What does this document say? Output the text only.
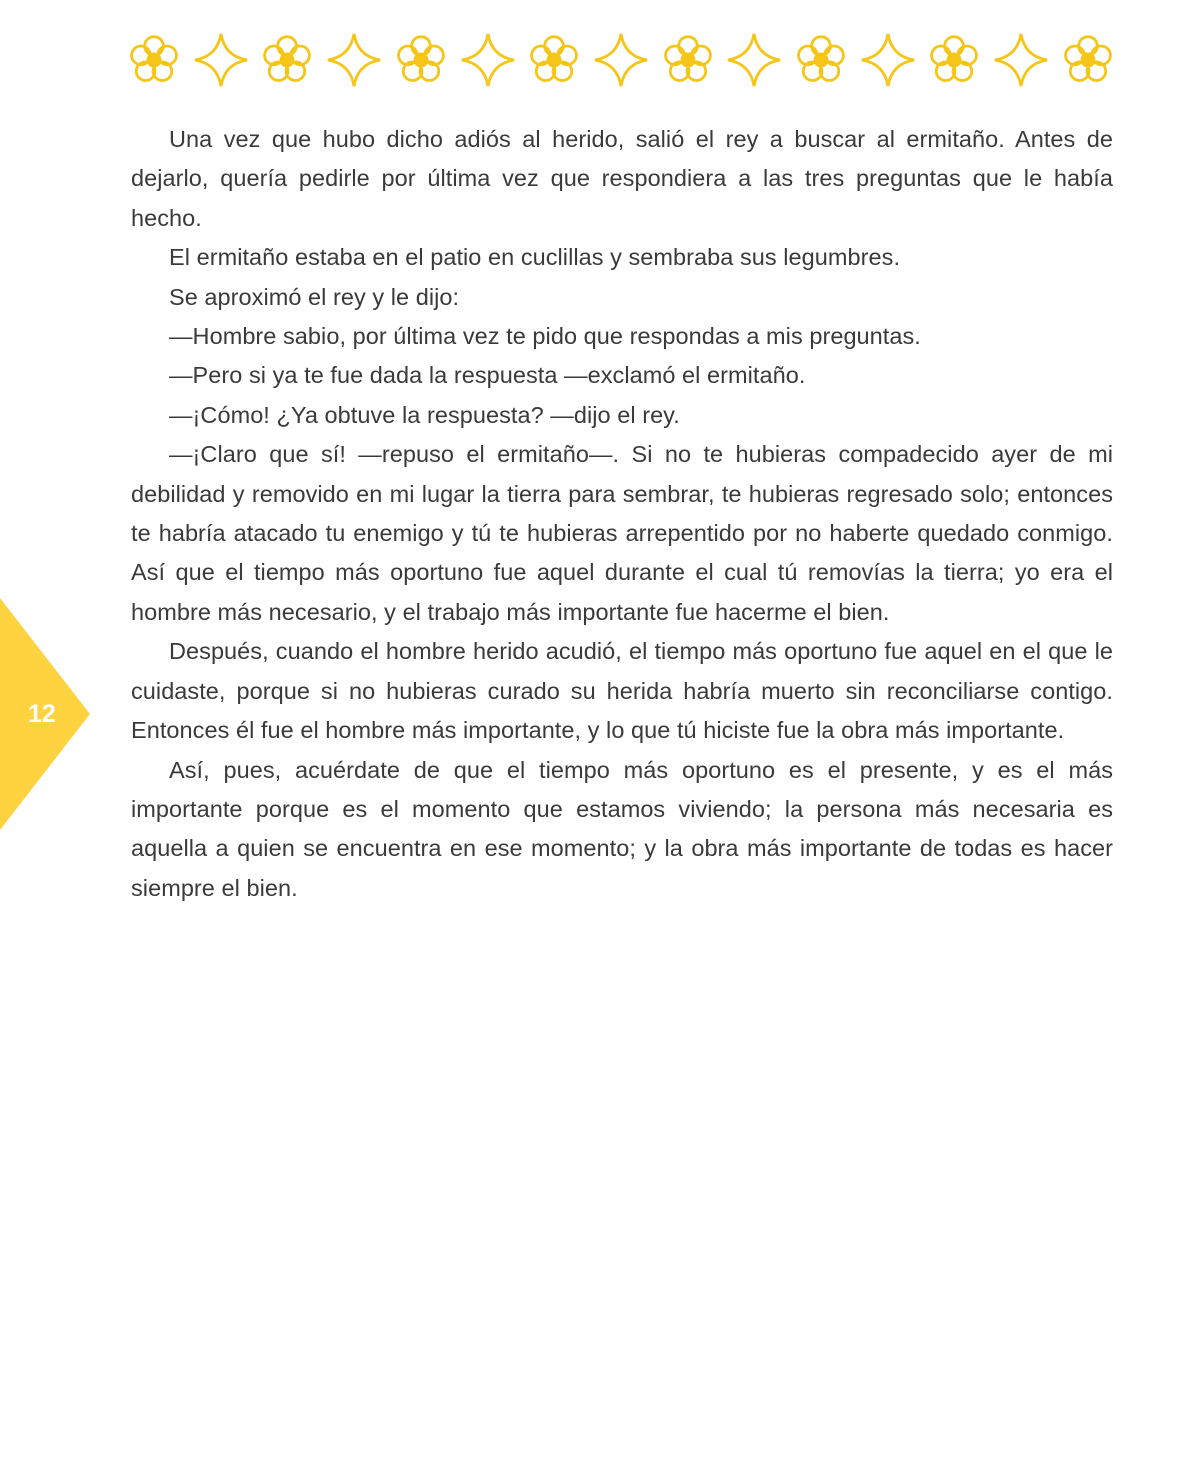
12

Una vez que hubo dicho adiós al herido, salió el rey a buscar al ermitaño. Antes de dejarlo, quería pedirle por última vez que respondiera a las tres preguntas que le había hecho.

El ermitaño estaba en el patio en cuclillas y sembraba sus legumbres.

Se aproximó el rey y le dijo:

—Hombre sabio, por última vez te pido que respondas a mis preguntas.

—Pero si ya te fue dada la respuesta —exclamó el ermitaño.

—¡Cómo! ¿Ya obtuve la respuesta? —dijo el rey.

—¡Claro que sí! —repuso el ermitaño—. Si no te hubieras compadecido ayer de mi debilidad y removido en mi lugar la tierra para sembrar, te hubieras regresado solo; entonces te habría atacado tu enemigo y tú te hubieras arrepentido por no haberte quedado conmigo. Así que el tiempo más oportuno fue aquel durante el cual tú removías la tierra; yo era el hombre más necesario, y el trabajo más importante fue hacerme el bien.

Después, cuando el hombre herido acudió, el tiempo más oportuno fue aquel en el que le cuidaste, porque si no hubieras curado su herida habría muerto sin reconciliarse contigo. Entonces él fue el hombre más importante, y lo que tú hiciste fue la obra más importante.

Así, pues, acuérdate de que el tiempo más oportuno es el presente, y es el más importante porque es el momento que estamos viviendo; la persona más necesaria es aquella a quien se encuentra en ese momento; y la obra más importante de todas es hacer siempre el bien.
